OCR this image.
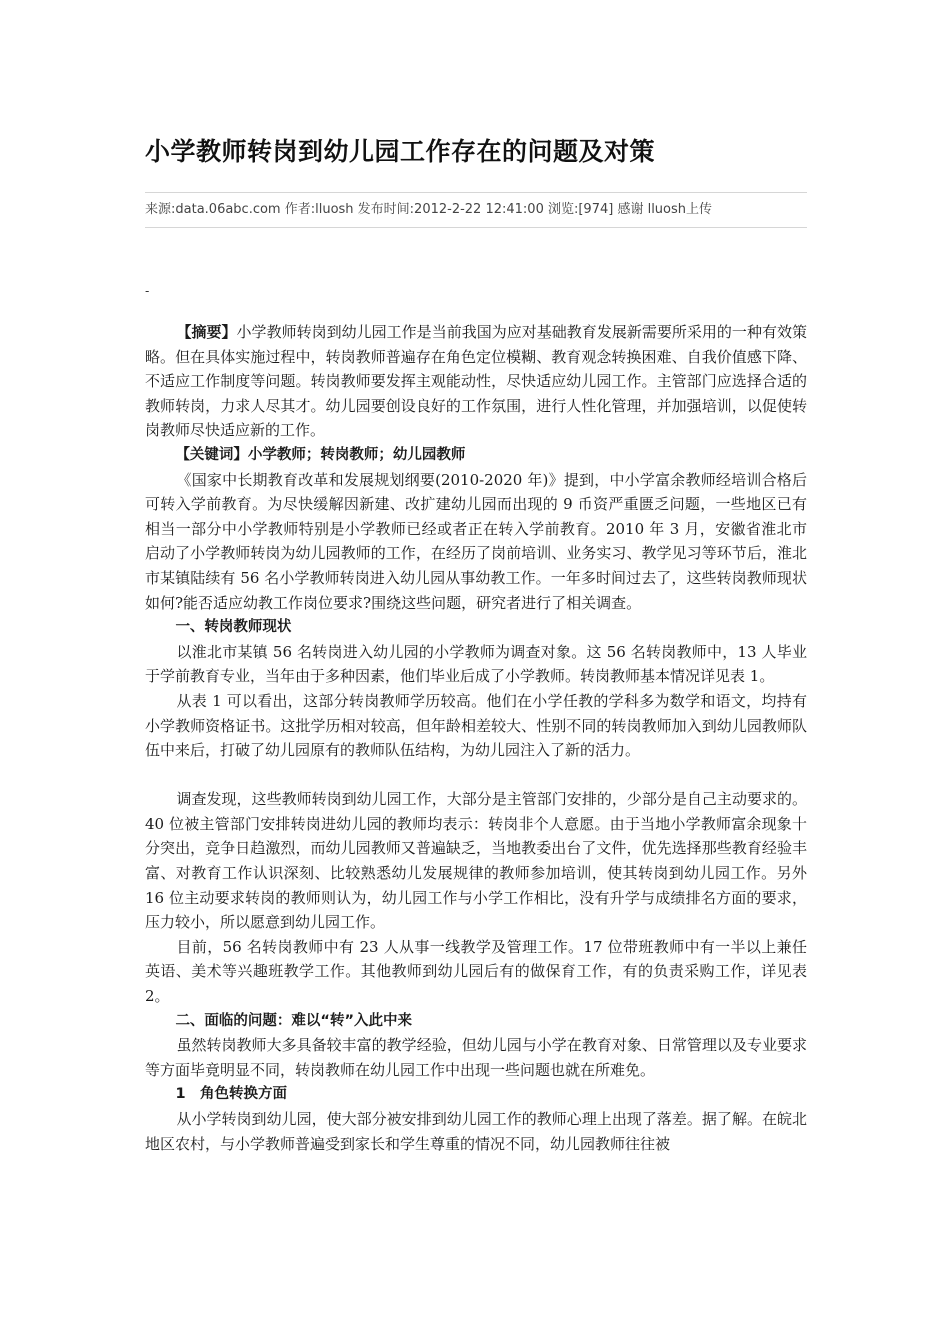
小学教师转岗到幼儿园工作存在的问题及对策
来源:data.06abc.com 作者:lluosh 发布时间:2012-2-22 12:41:00 浏览:[974] 感谢 lluosh上传
-

【摘要】小学教师转岗到幼儿园工作是当前我国为应对基础教育发展新需要所采用的一种有效策略。但在具体实施过程中，转岗教师普遍存在角色定位模糊、教育观念转换困难、自我价值感下降、不适应工作制度等问题。转岗教师要发挥主观能动性，尽快适应幼儿园工作。主管部门应选择合适的教师转岗，力求人尽其才。幼儿园要创设良好的工作氛围，进行人性化管理，并加强培训，以促使转岗教师尽快适应新的工作。

【关键词】小学教师；转岗教师；幼儿园教师

《国家中长期教育改革和发展规划纲要(2010-2020 年)》提到，中小学富余教师经培训合格后可转入学前教育。为尽快缓解因新建、改扩建幼儿园而出现的 9 币资严重匮乏问题，一些地区已有相当一部分中小学教师特别是小学教师已经或者正在转入学前教育。2010 年 3 月，安徽省淮北市启动了小学教师转岗为幼儿园教师的工作，在经历了岗前培训、业务实习、教学见习等环节后，淮北市某镇陆续有 56 名小学教师转岗进入幼儿园从事幼教工作。一年多时间过去了，这些转岗教师现状如何?能否适应幼教工作岗位要求?围绕这些问题，研究者进行了相关调查。

一、转岗教师现状

以淮北市某镇 56 名转岗进入幼儿园的小学教师为调查对象。这 56 名转岗教师中，13 人毕业于学前教育专业，当年由于多种因素，他们毕业后成了小学教师。转岗教师基本情况详见表 1。

从表 1 可以看出，这部分转岗教师学历较高。他们在小学任教的学科多为数学和语文，均持有小学教师资格证书。这批学历相对较高，但年龄相差较大、性别不同的转岗教师加入到幼儿园教师队伍中来后，打破了幼儿园原有的教师队伍结构，为幼儿园注入了新的活力。

调查发现，这些教师转岗到幼儿园工作，大部分是主管部门安排的，少部分是自己主动要求的。40 位被主管部门安排转岗进幼儿园的教师均表示：转岗非个人意愿。由于当地小学教师富余现象十分突出，竞争日趋激烈，而幼儿园教师又普遍缺乏，当地教委出台了文件，优先选择那些教育经验丰富、对教育工作认识深刻、比较熟悉幼儿发展规律的教师参加培训，使其转岗到幼儿园工作。另外 16 位主动要求转岗的教师则认为，幼儿园工作与小学工作相比，没有升学与成绩排名方面的要求，压力较小，所以愿意到幼儿园工作。

目前，56 名转岗教师中有 23 人从事一线教学及管理工作。17 位带班教师中有一半以上兼任英语、美术等兴趣班教学工作。其他教师到幼儿园后有的做保育工作，有的负责采购工作，详见表 2。

二、面临的问题：难以“转”入此中来

虽然转岗教师大多具备较丰富的教学经验，但幼儿园与小学在教育对象、日常管理以及专业要求等方面毕竟明显不同，转岗教师在幼儿园工作中出现一些问题也就在所难免。

1　角色转换方面

从小学转岗到幼儿园，使大部分被安排到幼儿园工作的教师心理上出现了落差。据了解。在皖北地区农村，与小学教师普遍受到家长和学生尊重的情况不同，幼儿园教师往往被
